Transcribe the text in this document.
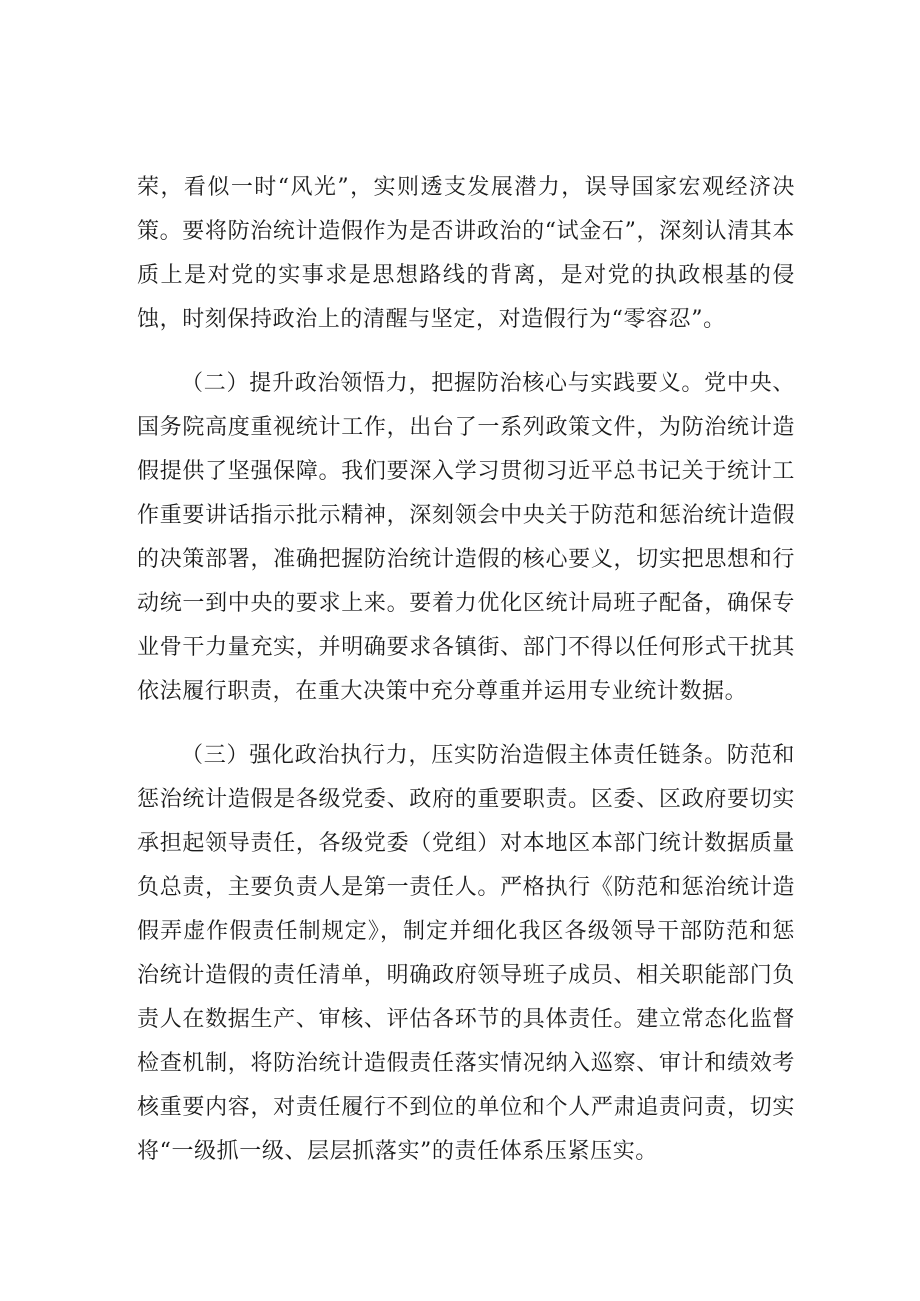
荣，看似一时“风光”，实则透支发展潜力，误导国家宏观经济决策。要将防治统计造假作为是否讲政治的“试金石”，深刻认清其本质上是对党的实事求是思想路线的背离，是对党的执政根基的侵蚀，时刻保持政治上的清醒与坚定，对造假行为“零容忍”。

（二）提升政治领悟力，把握防治核心与实践要义。党中央、国务院高度重视统计工作，出台了一系列政策文件，为防治统计造假提供了坚强保障。我们要深入学习贯彻习近平总书记关于统计工作重要讲话指示批示精神，深刻领会中央关于防范和惩治统计造假的决策部署，准确把握防治统计造假的核心要义，切实把思想和行动统一到中央的要求上来。要着力优化区统计局班子配备，确保专业骨干力量充实，并明确要求各镇街、部门不得以任何形式干扰其依法履行职责，在重大决策中充分尊重并运用专业统计数据。

（三）强化政治执行力，压实防治造假主体责任链条。防范和惩治统计造假是各级党委、政府的重要职责。区委、区政府要切实承担起领导责任，各级党委（党组）对本地区本部门统计数据质量负总责，主要负责人是第一责任人。严格执行《防范和惩治统计造假弄虚作假责任制规定》，制定并细化我区各级领导干部防范和惩治统计造假的责任清单，明确政府领导班子成员、相关职能部门负责人在数据生产、审核、评估各环节的具体责任。建立常态化监督检查机制，将防治统计造假责任落实情况纳入巡察、审计和绩效考核重要内容，对责任履行不到位的单位和个人严肃追责问责，切实将“一级抓一级、层层抓落实”的责任体系压紧压实。
